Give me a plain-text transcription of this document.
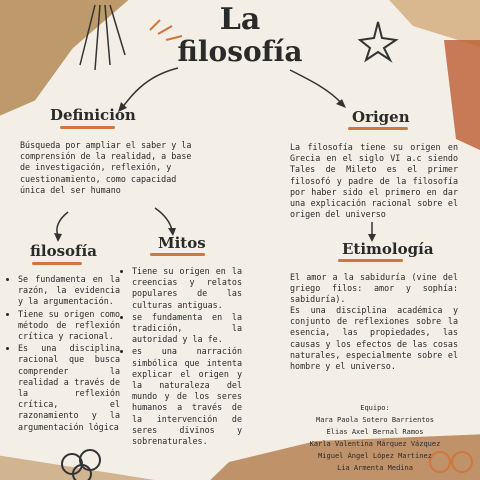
La
filosofía
Definición
Búsqueda por ampliar el saber y la comprensión de la realidad, a base de investigación, reflexión, y cuestionamiento, como capacidad única del ser humano
Origen
La filosofía tiene su origen en Grecia en el siglo VI a.c siendo Tales de Mileto es el primer filosofó y padre de la filosofía por haber sido el primero en dar una explicación racional sobre el origen del universo
filosofía
• Se fundamenta en la razón, la evidencia y la argumentación.
• Tiene su origen como método de reflexión crítica y racional.
• Es una disciplina racional que busca comprender la realidad a través de la reflexión crítica, el razonamiento y la argumentación lógica
Mitos
• Tiene su origen en la creencias y relatos populares de las culturas antiguas.
• se fundamenta en la tradición, la autoridad y la fe.
• es una narración simbólica que intenta explicar el origen y la naturaleza del mundo y de los seres humanos a través de la intervención de seres divinos y sobrenaturales.
Etimología
El amor a la sabiduría (vine del griego filos: amor y sophía: sabiduría).
Es una disciplina académica y conjunto de reflexiones sobre la esencia, las propiedades, las causas y los efectos de las cosas naturales, especialmente sobre el hombre y el universo.
Equipo:
Mara Paola Sotero Barrientos
Elias Axel Bernal Ramos
Karla Valentina Márquez Vázquez
Miguel Ángel López Martínez
Lia Armenta Medina
